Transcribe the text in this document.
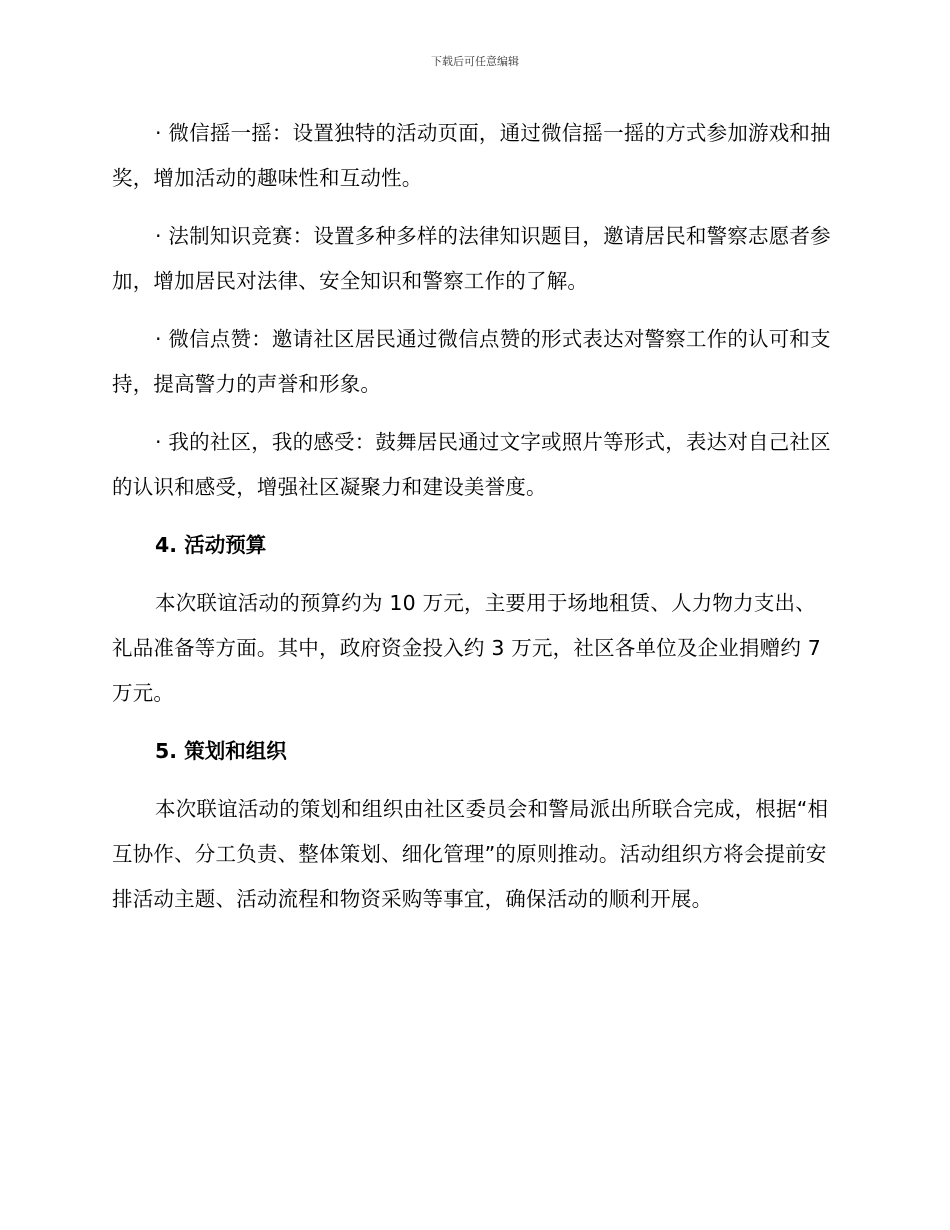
下载后可任意编辑

· 微信摇一摇：设置独特的活动页面，通过微信摇一摇的方式参加游戏和抽奖，增加活动的趣味性和互动性。

· 法制知识竞赛：设置多种多样的法律知识题目，邀请居民和警察志愿者参加，增加居民对法律、安全知识和警察工作的了解。

· 微信点赞：邀请社区居民通过微信点赞的形式表达对警察工作的认可和支持，提高警力的声誉和形象。

· 我的社区，我的感受：鼓舞居民通过文字或照片等形式，表达对自己社区的认识和感受，增强社区凝聚力和建设美誉度。

4. 活动预算

本次联谊活动的预算约为 10 万元，主要用于场地租赁、人力物力支出、礼品准备等方面。其中，政府资金投入约 3 万元，社区各单位及企业捐赠约 7 万元。

5. 策划和组织

本次联谊活动的策划和组织由社区委员会和警局派出所联合完成，根据“相互协作、分工负责、整体策划、细化管理”的原则推动。活动组织方将会提前安排活动主题、活动流程和物资采购等事宜，确保活动的顺利开展。
